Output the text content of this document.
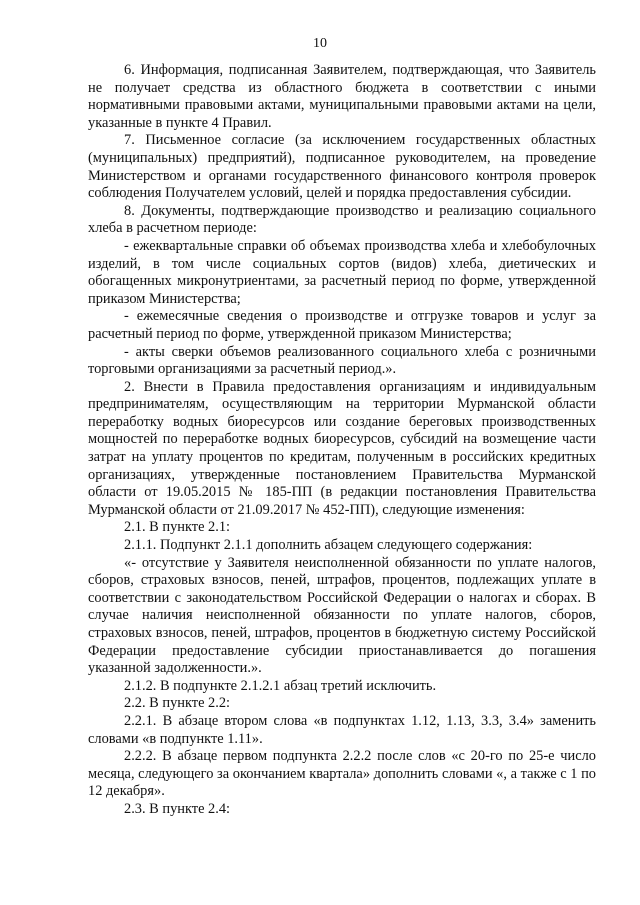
10

6. Информация, подписанная Заявителем, подтверждающая, что Заявитель не получает средства из областного бюджета в соответствии с иными нормативными правовыми актами, муниципальными правовыми актами на цели, указанные в пункте 4 Правил.

7. Письменное согласие (за исключением государственных областных (муниципальных) предприятий), подписанное руководителем, на проведение Министерством и органами государственного финансового контроля проверок соблюдения Получателем условий, целей и порядка предоставления субсидии.

8. Документы, подтверждающие производство и реализацию социального хлеба в расчетном периоде:

- ежеквартальные справки об объемах производства хлеба и хлебобулочных изделий, в том числе социальных сортов (видов) хлеба, диетических и обогащенных микронутриентами, за расчетный период по форме, утвержденной приказом Министерства;

- ежемесячные сведения о производстве и отгрузке товаров и услуг за расчетный период по форме, утвержденной приказом Министерства;

- акты сверки объемов реализованного социального хлеба с розничными торговыми организациями за расчетный период.».

2. Внести в Правила предоставления организациям и индивидуальным предпринимателям, осуществляющим на территории Мурманской области переработку водных биоресурсов или создание береговых производственных мощностей по переработке водных биоресурсов, субсидий на возмещение части затрат на уплату процентов по кредитам, полученным в российских кредитных организациях, утвержденные постановлением Правительства Мурманской области от 19.05.2015 № 185-ПП (в редакции постановления Правительства Мурманской области от 21.09.2017 № 452-ПП), следующие изменения:

2.1. В пункте 2.1:

2.1.1. Подпункт 2.1.1 дополнить абзацем следующего содержания:

«- отсутствие у Заявителя неисполненной обязанности по уплате налогов, сборов, страховых взносов, пеней, штрафов, процентов, подлежащих уплате в соответствии с законодательством Российской Федерации о налогах и сборах. В случае наличия неисполненной обязанности по уплате налогов, сборов, страховых взносов, пеней, штрафов, процентов в бюджетную систему Российской Федерации предоставление субсидии приостанавливается до погашения указанной задолженности.».

2.1.2. В подпункте 2.1.2.1 абзац третий исключить.

2.2. В пункте 2.2:

2.2.1. В абзаце втором слова «в подпунктах 1.12, 1.13, 3.3, 3.4» заменить словами «в подпункте 1.11».

2.2.2. В абзаце первом подпункта 2.2.2 после слов «с 20-го по 25-е число месяца, следующего за окончанием квартала» дополнить словами «, а также с 1 по 12 декабря».

2.3. В пункте 2.4:
